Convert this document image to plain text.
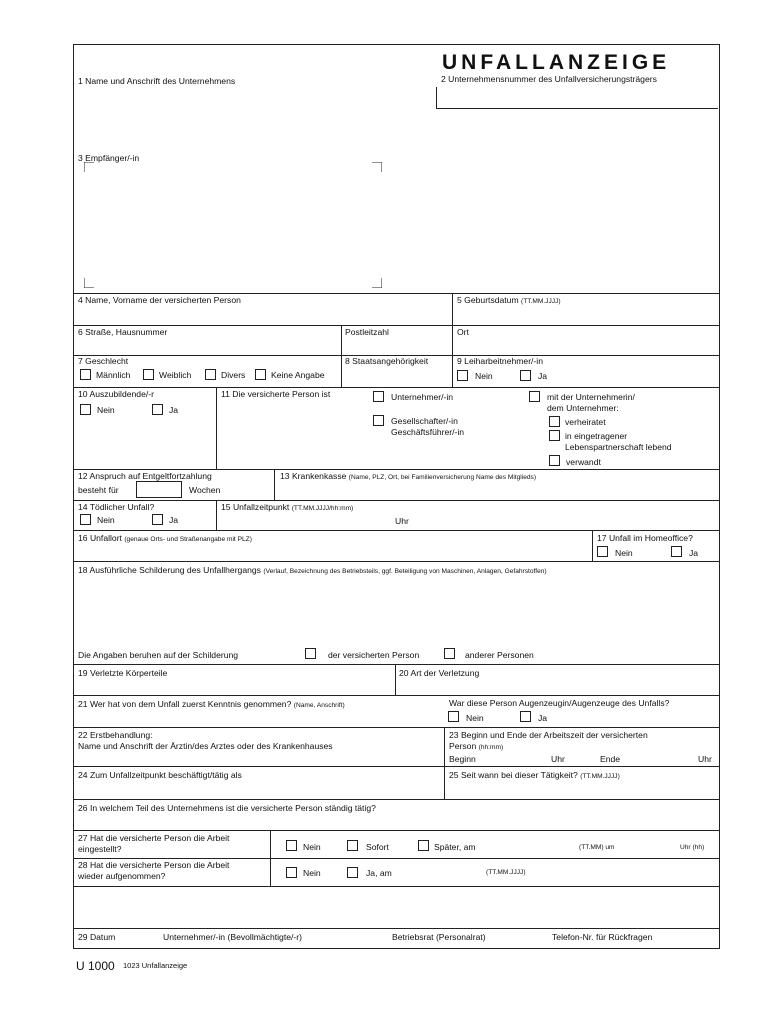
UNFALLANZEIGE
1 Name und Anschrift des Unternehmens	2 Unternehmensnummer des Unfallversicherungsträgers
3 Empfänger/-in
4 Name, Vorname der versicherten Person	5 Geburtsdatum (TT.MM.JJJJ)
6 Straße, Hausnummer	Postleitzahl	Ort
7 Geschlecht
Männlich	Weiblich	Divers	Keine Angabe
8 Staatsangehörigkeit	9 Leiharbeitnehmer/-in
Nein	Ja
10 Auszubildende/-r
Nein	Ja
11 Die versicherte Person ist	Unternehmer/-in
Gesellschafter/-in
Geschäftsführer/-in
mit der Unternehmerin/
dem Unternehmer:
verheiratet
in eingetragener
Lebenspartnerschaft lebend
verwandt
12 Anspruch auf Entgeltfortzahlung
besteht für	Wochen
13 Krankenkasse (Name, PLZ, Ort, bei Familienversicherung Name des Mitglieds)
14 Tödlicher Unfall?
Nein	Ja
15 Unfallzeitpunkt (TT.MM.JJJJ/hh:mm)
Uhr
16 Unfallort (genaue Orts- und Straßenangabe mit PLZ)	17 Unfall im Homeoffice?
Nein	Ja
18 Ausführliche Schilderung des Unfallhergangs (Verlauf, Bezeichnung des Betriebsteils, ggf. Beteiligung von Maschinen, Anlagen, Gefahrstoffen)
Die Angaben beruhen auf der Schilderung	der versicherten Person	anderer Personen
19 Verletzte Körperteile	20 Art der Verletzung
21 Wer hat von dem Unfall zuerst Kenntnis genommen? (Name, Anschrift)	War diese Person Augenzeugin/Augenzeuge des Unfalls?
Nein	Ja
22 Erstbehandlung:
Name und Anschrift der Ärztin/des Arztes oder des Krankenhauses
23 Beginn und Ende der Arbeitszeit der versicherten
Person (hh:mm)
Beginn	Uhr	Ende	Uhr
24 Zum Unfallzeitpunkt beschäftigt/tätig als	25 Seit wann bei dieser Tätigkeit? (TT.MM.JJJJ)
26 In welchem Teil des Unternehmens ist die versicherte Person ständig tätig?
27 Hat die versicherte Person die Arbeit
eingestellt?	Nein	Sofort	Später, am	(TT.MM) um	Uhr (hh)
28 Hat die versicherte Person die Arbeit
wieder aufgenommen?	Nein	Ja, am	(TT.MM.JJJJ)
29 Datum	Unternehmer/-in (Bevollmächtigte/-r)	Betriebsrat (Personalrat)	Telefon-Nr. für Rückfragen
U 1000 1023 Unfallanzeige
